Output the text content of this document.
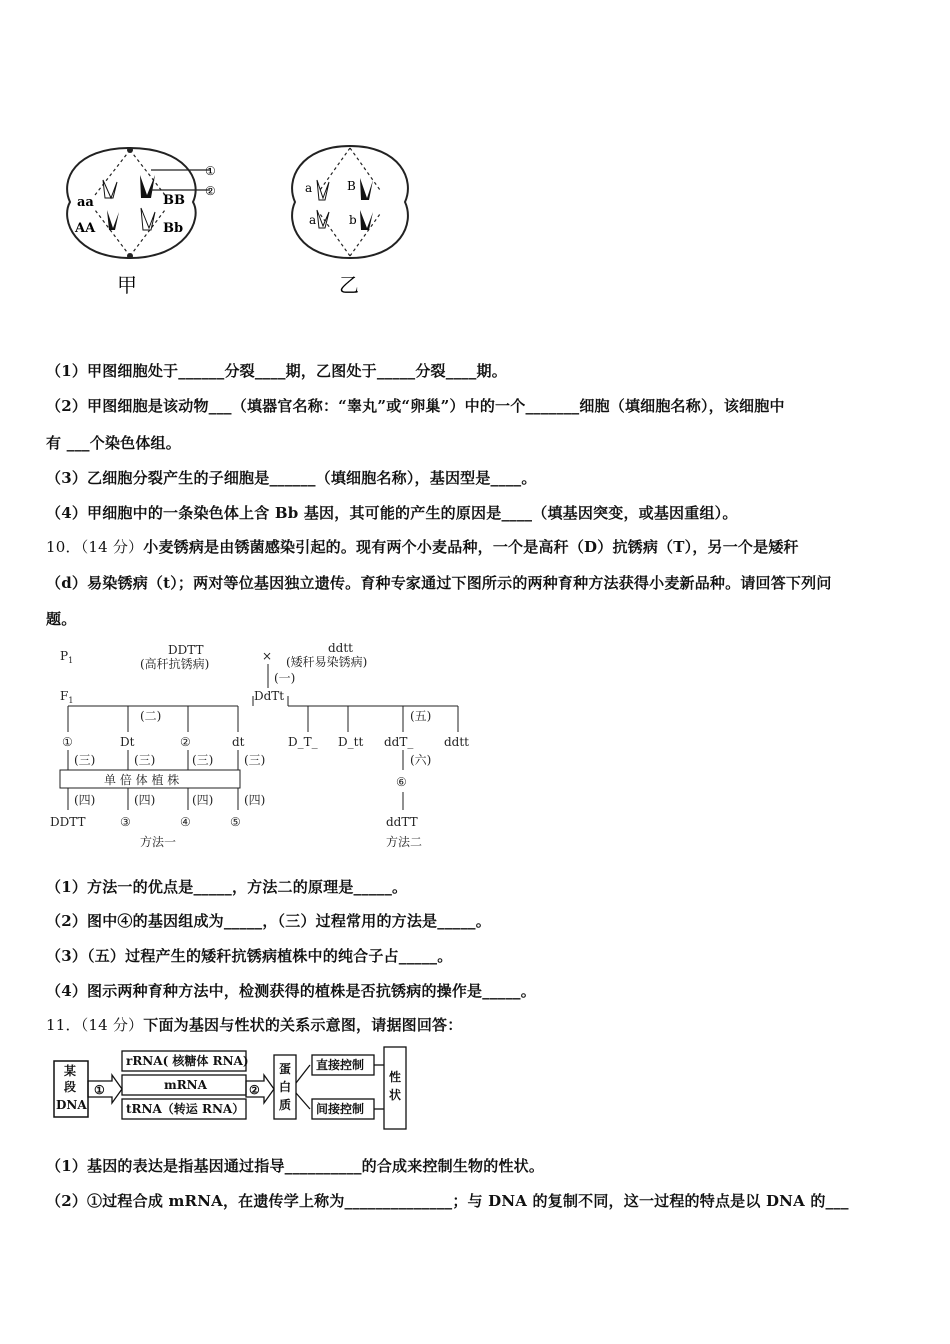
①
②
aa
AA
BB
Bb
甲
a	B
a	b
乙
（1）甲图细胞处于______分裂____期，乙图处于_____分裂____期。
（2）甲图细胞是该动物___（填器官名称：“睾丸”或“卵巢”）中的一个_______细胞（填细胞名称），该细胞中
有 ___个染色体组。
（3）乙细胞分裂产生的子细胞是______（填细胞名称），基因型是____。
（4）甲细胞中的一条染色体上含 Bb 基因，其可能的产生的原因是____（填基因突变，或基因重组）。
10．（14 分）小麦锈病是由锈菌感染引起的。现有两个小麦品种，一个是高秆（D）抗锈病（T），另一个是矮秆
（d）易染锈病（t）；两对等位基因独立遗传。育种专家通过下图所示的两种育种方法获得小麦新品种。请回答下列问
题。
$P_1$
DDTT
(高秆抗锈病)
×
ddtt
(矮秆易染锈病)
(一)
$F_1$	DdTt
(二)
①	Dt	②	dt
(三)	(三)	(三)	(三)
单 倍 体 植 株
(四)	(四)	(四)	(四)
DDTT	③	④	⑤
方法一
(五)
D_T_ D_tt ddT_	ddtt
(六)
⑥
ddTT
方法二
（1）方法一的优点是_____，方法二的原理是_____。
（2）图中④的基因组成为_____，（三）过程常用的方法是_____。
（3）（五）过程产生的矮秆抗锈病植株中的纯合子占_____。
（4）图示两种育种方法中，检测获得的植株是否抗锈病的操作是_____。
11．（14 分）下面为基因与性状的关系示意图，请据图回答：
某
段
DNA
①
rRNA( 核糖体 RNA)
mRNA
tRNA（转运 RNA）
②
蛋
白
质
直接控制
间接控制
性
状
（1）基因的表达是指基因通过指导__________的合成来控制生物的性状。
（2）①过程合成 mRNA，在遗传学上称为______________；与 DNA 的复制不同，这一过程的特点是以 DNA 的___
